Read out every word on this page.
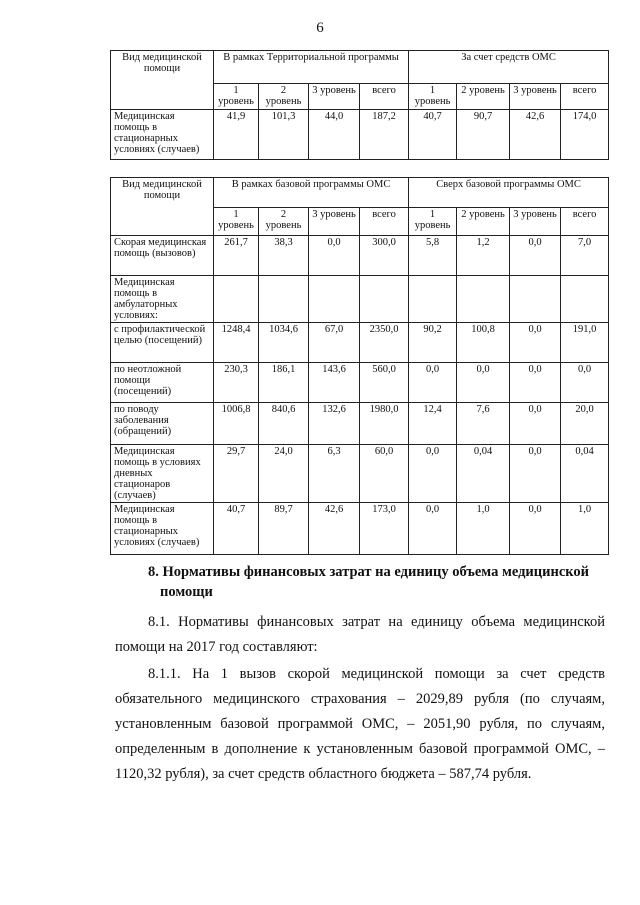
6
Вид медицинской помощи	В рамках Территориальной программы				За счет средств ОМС			
	1 уровень	2 уровень	3 уровень	всего	1 уровень	2 уровень	3 уровень	всего
Медицинская помощь в стационарных условиях (случаев)	41,9	101,3	44,0	187,2	40,7	90,7	42,6	174,0
Вид медицинской помощи	В рамках базовой программы ОМС				Сверх базовой программы ОМС			
	1 уровень	2 уровень	3 уровень	всего	1 уровень	2 уровень	3 уровень	всего
Скорая медицинская помощь (вызовов)	261,7	38,3	0,0	300,0	5,8	1,2	0,0	7,0
Медицинская помощь в амбулаторных условиях:								
с профилактической целью (посещений)	1248,4	1034,6	67,0	2350,0	90,2	100,8	0,0	191,0
по неотложной помощи (посещений)	230,3	186,1	143,6	560,0	0,0	0,0	0,0	0,0
по поводу заболевания (обращений)	1006,8	840,6	132,6	1980,0	12,4	7,6	0,0	20,0
Медицинская помощь в условиях дневных стационаров (случаев)	29,7	24,0	6,3	60,0	0,0	0,04	0,0	0,04
Медицинская помощь в стационарных условиях (случаев)	40,7	89,7	42,6	173,0	0,0	1,0	0,0	1,0
8. Нормативы финансовых затрат на единицу объема медицинской помощи
8.1. Нормативы финансовых затрат на единицу объема медицинской помощи на 2017 год составляют:
8.1.1. На 1 вызов скорой медицинской помощи за счет средств обязательного медицинского страхования – 2029,89 рубля (по случаям, установленным базовой программой ОМС, – 2051,90 рубля, по случаям, определенным в дополнение к установленным базовой программой ОМС, – 1120,32 рубля), за счет средств областного бюджета – 587,74 рубля.
